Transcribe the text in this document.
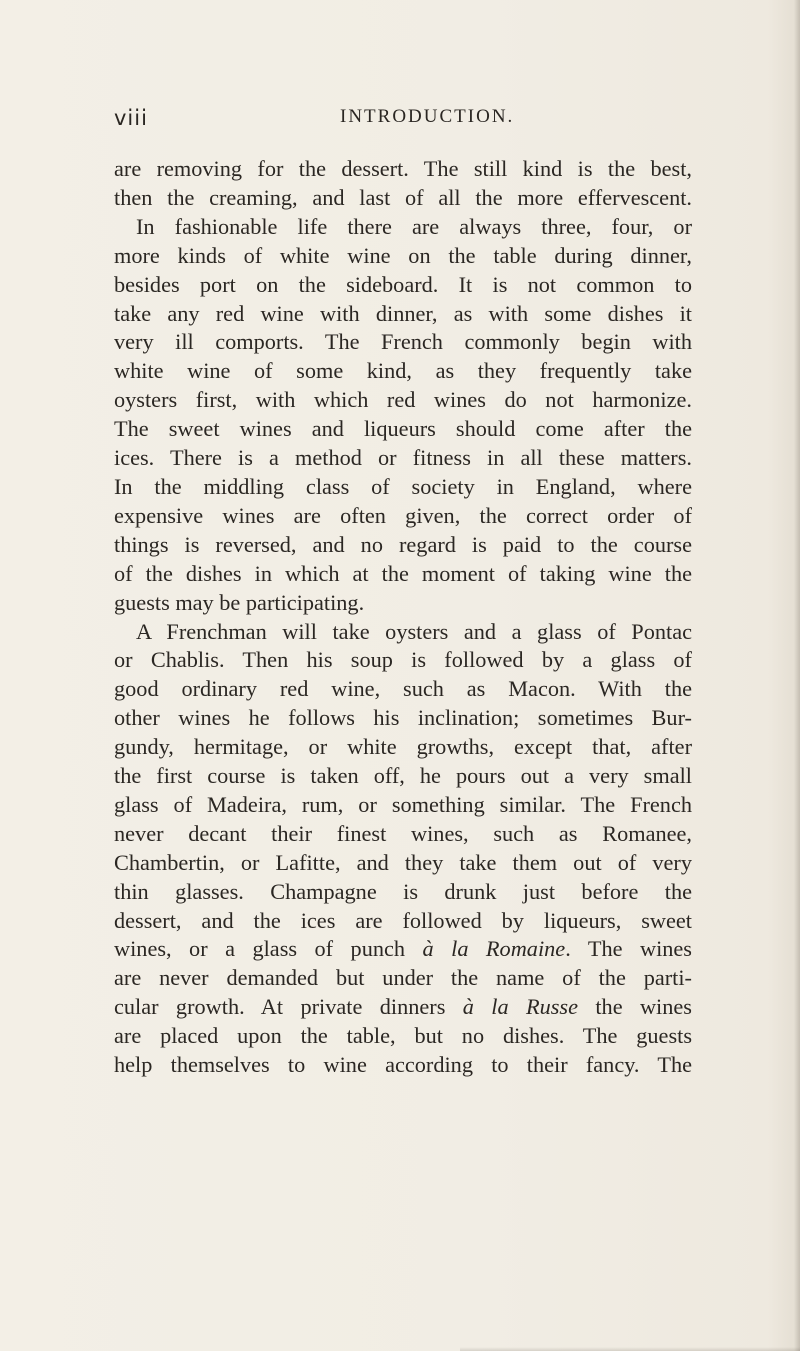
viii	INTRODUCTION.
are removing for the dessert. The still kind is the best,
then the creaming, and last of all the more effervescent.
In fashionable life there are always three, four, or
more kinds of white wine on the table during dinner,
besides port on the sideboard. It is not common to
take any red wine with dinner, as with some dishes it
very ill comports. The French commonly begin with
white wine of some kind, as they frequently take
oysters first, with which red wines do not harmonize.
The sweet wines and liqueurs should come after the
ices. There is a method or fitness in all these matters.
In the middling class of society in England, where
expensive wines are often given, the correct order of
things is reversed, and no regard is paid to the course
of the dishes in which at the moment of taking wine the
guests may be participating.
A Frenchman will take oysters and a glass of Pontac
or Chablis. Then his soup is followed by a glass of
good ordinary red wine, such as Macon. With the
other wines he follows his inclination; sometimes Bur-
gundy, hermitage, or white growths, except that, after
the first course is taken off, he pours out a very small
glass of Madeira, rum, or something similar. The French
never decant their finest wines, such as Romanee,
Chambertin, or Lafitte, and they take them out of very
thin glasses. Champagne is drunk just before the
dessert, and the ices are followed by liqueurs, sweet
wines, or a glass of punch à la Romaine. The wines
are never demanded but under the name of the parti-
cular growth. At private dinners à la Russe the wines
are placed upon the table, but no dishes. The guests
help themselves to wine according to their fancy. The
